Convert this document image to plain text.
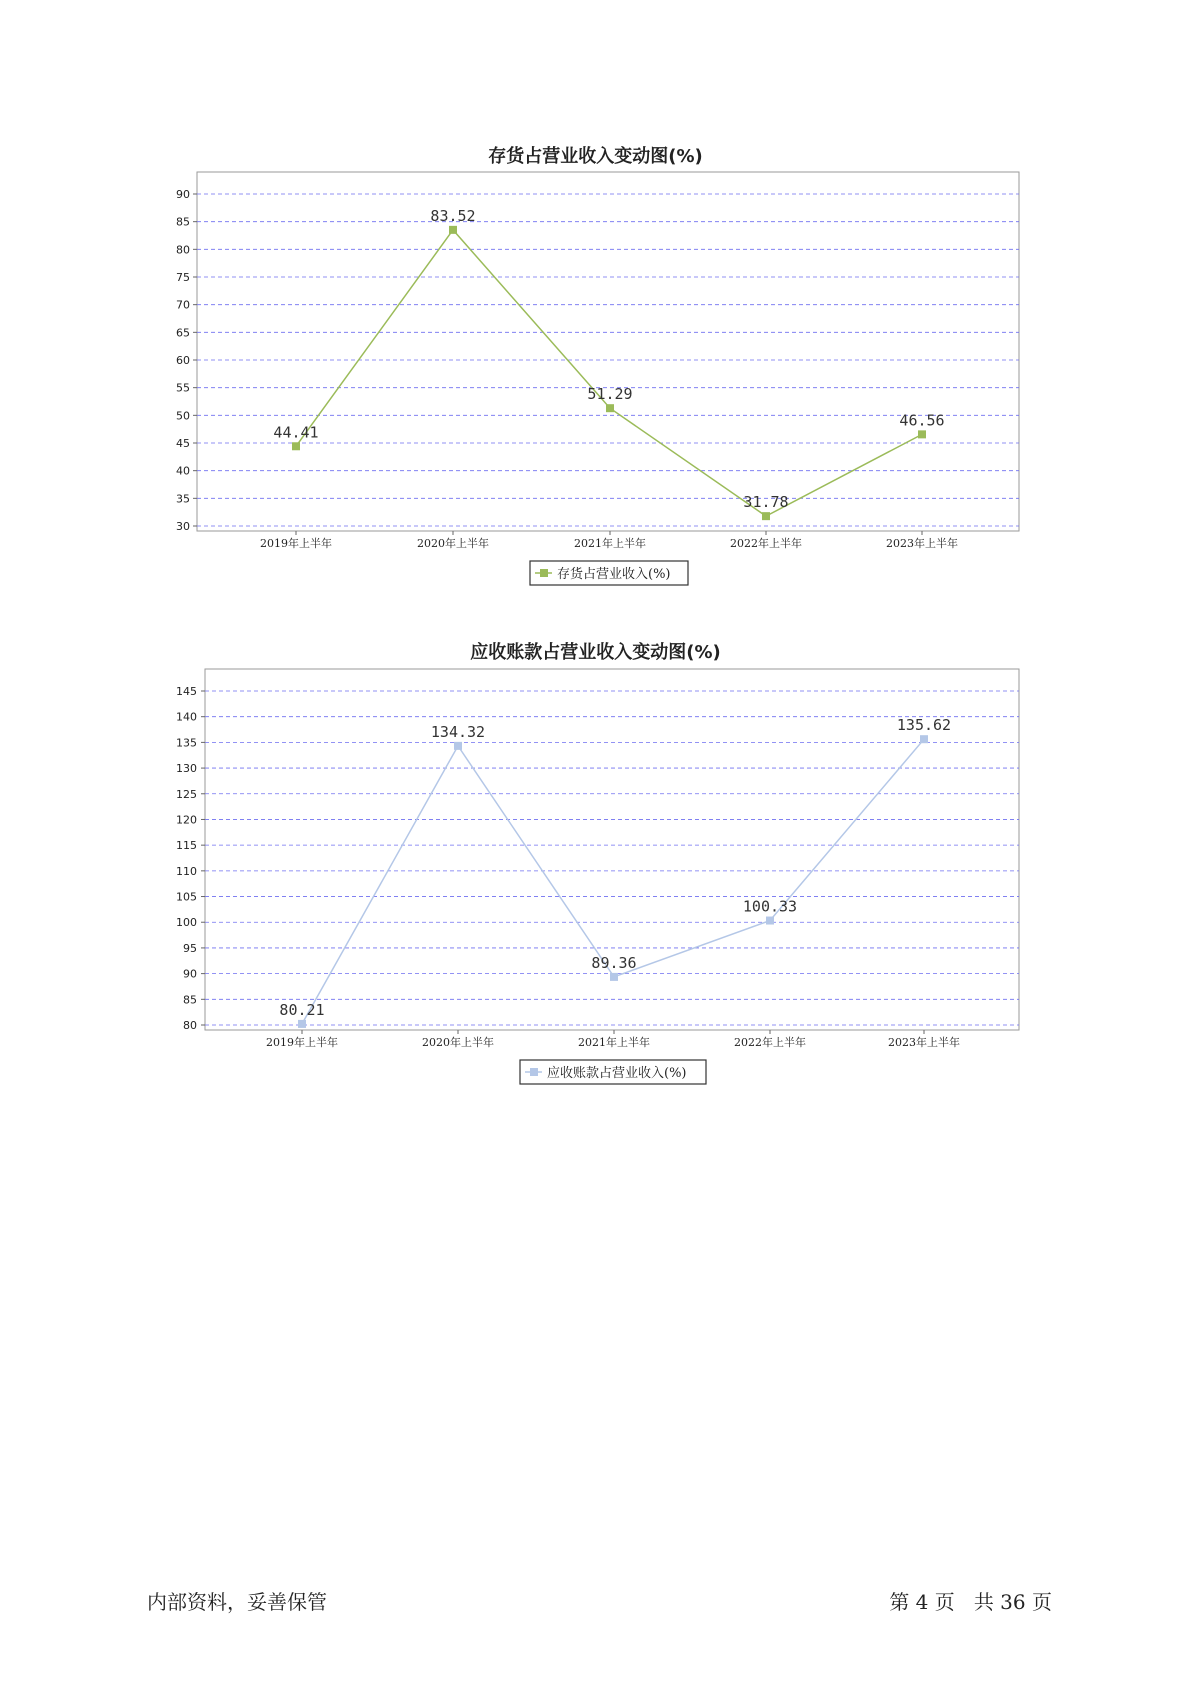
存货占营业收入变动图(%)
30
35
40
45
50
55
60
65
70
75
80
85
90
2019年上半年	2020年上半年	2021年上半年	2022年上半年	2023年上半年
44.41
83.52
51.29
31.78
46.56
存货占营业收入(%)
应收账款占营业收入变动图(%)
80
85
90
95
100
105
110
115
120
125
130
135
140
145
2019年上半年	2020年上半年	2021年上半年	2022年上半年	2023年上半年
80.21
134.32
89.36
100.33
135.62
应收账款占营业收入(%)
内部资料，妥善保管	第 4 页   共 36 页
